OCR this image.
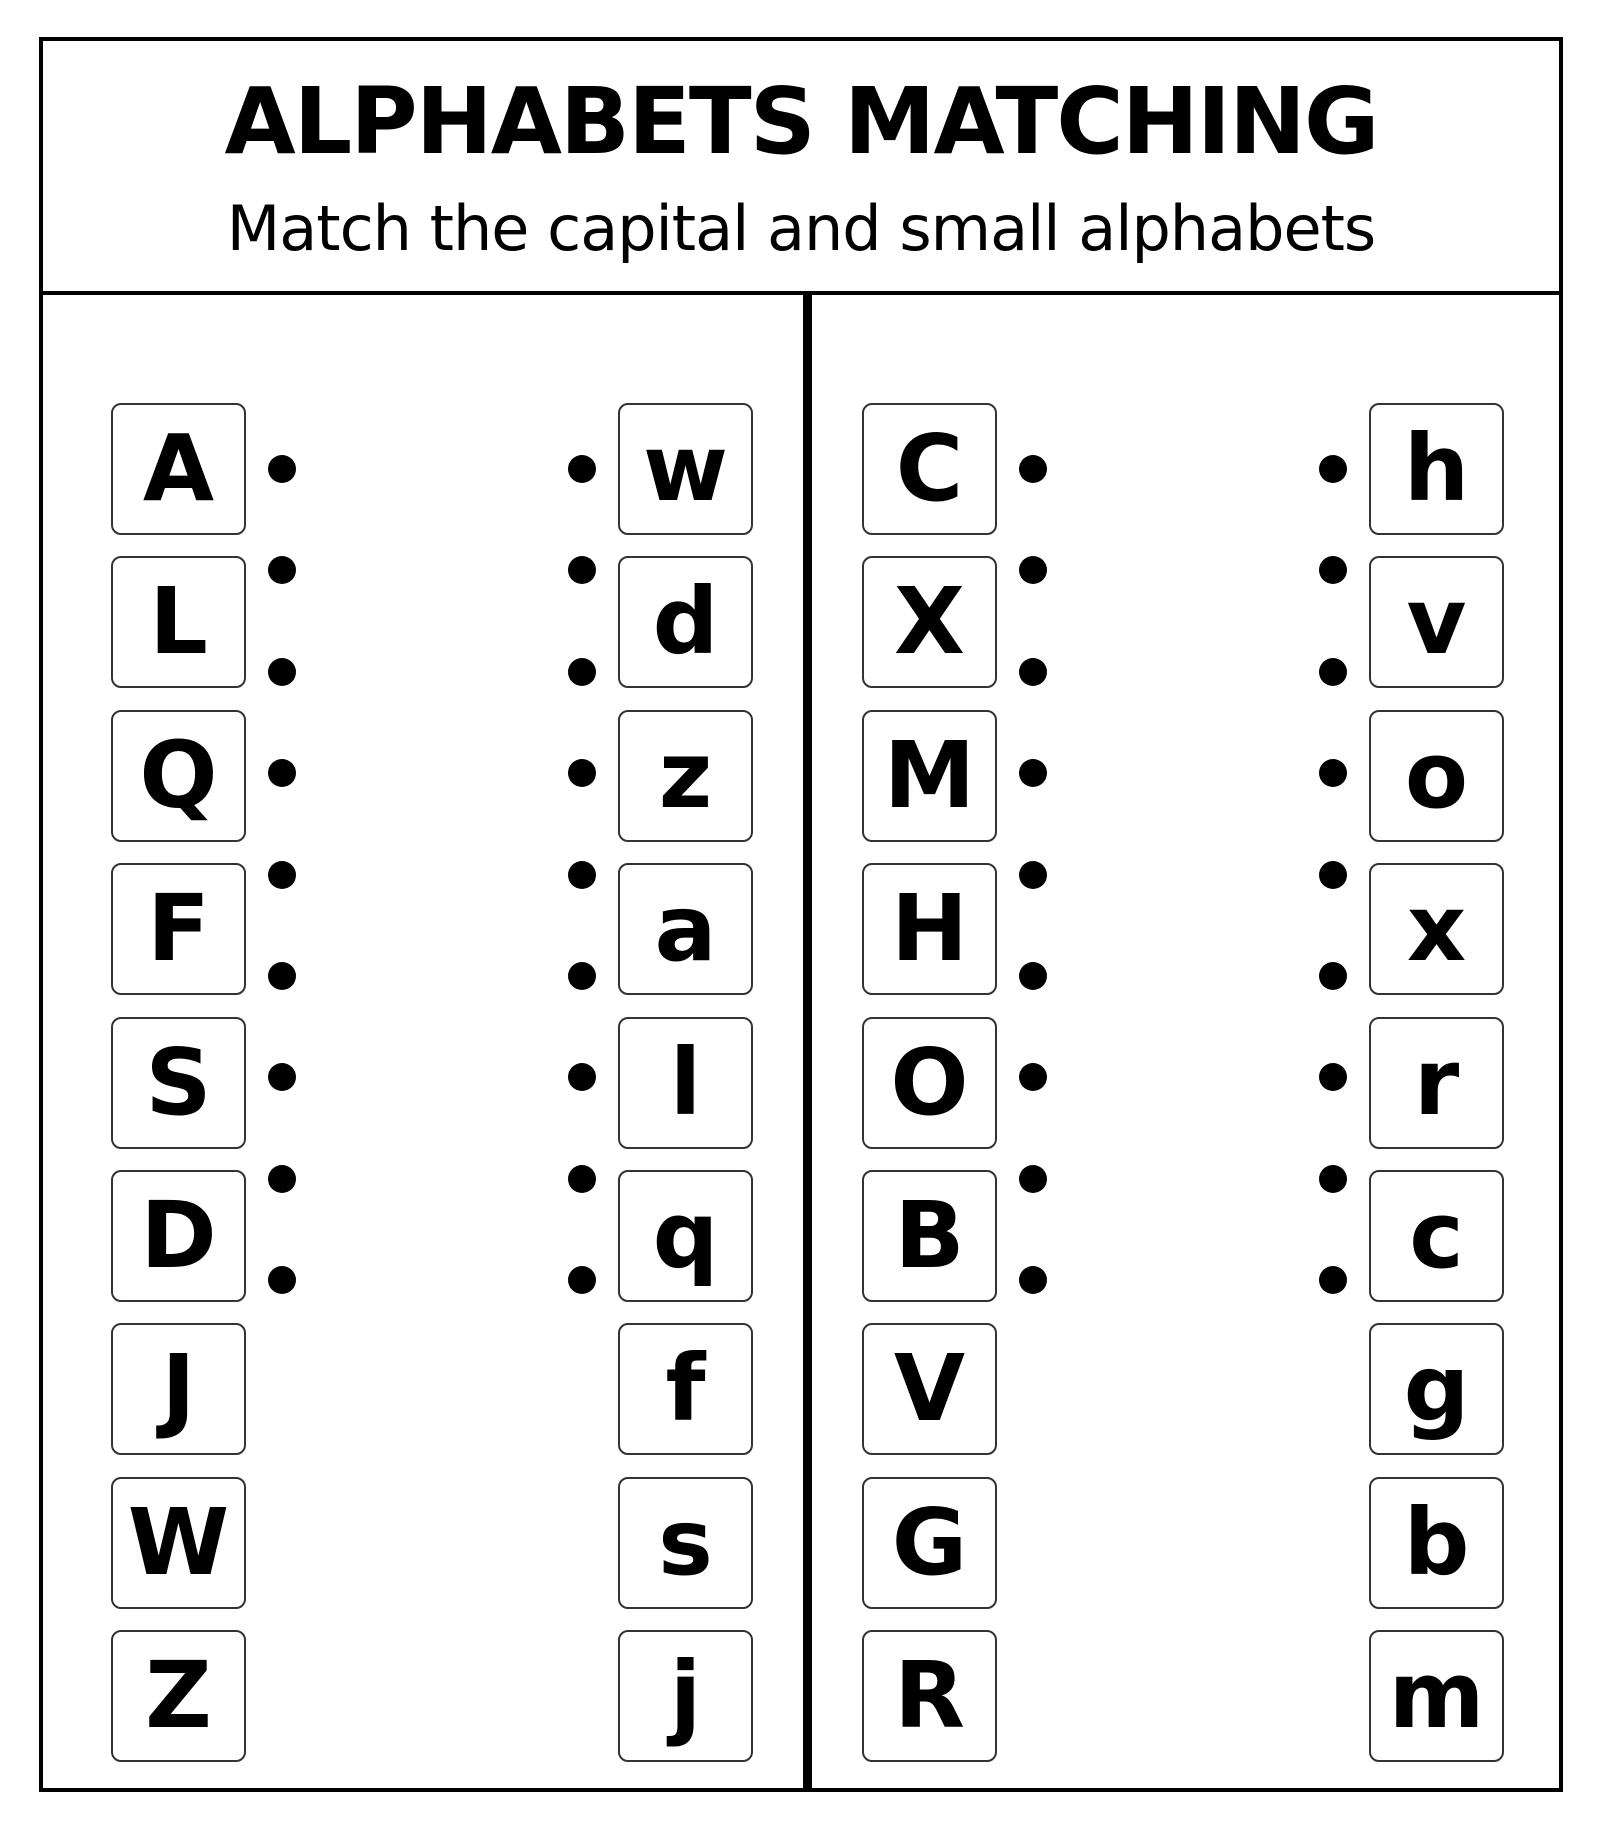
ALPHABETS MATCHING
Match the capital and small alphabets
A
L
Q
F
S
D
J
W
Z
w
d
z
a
l
q
f
s
j
C
X
M
H
O
B
V
G
R
h
v
o
x
r
c
g
b
m
